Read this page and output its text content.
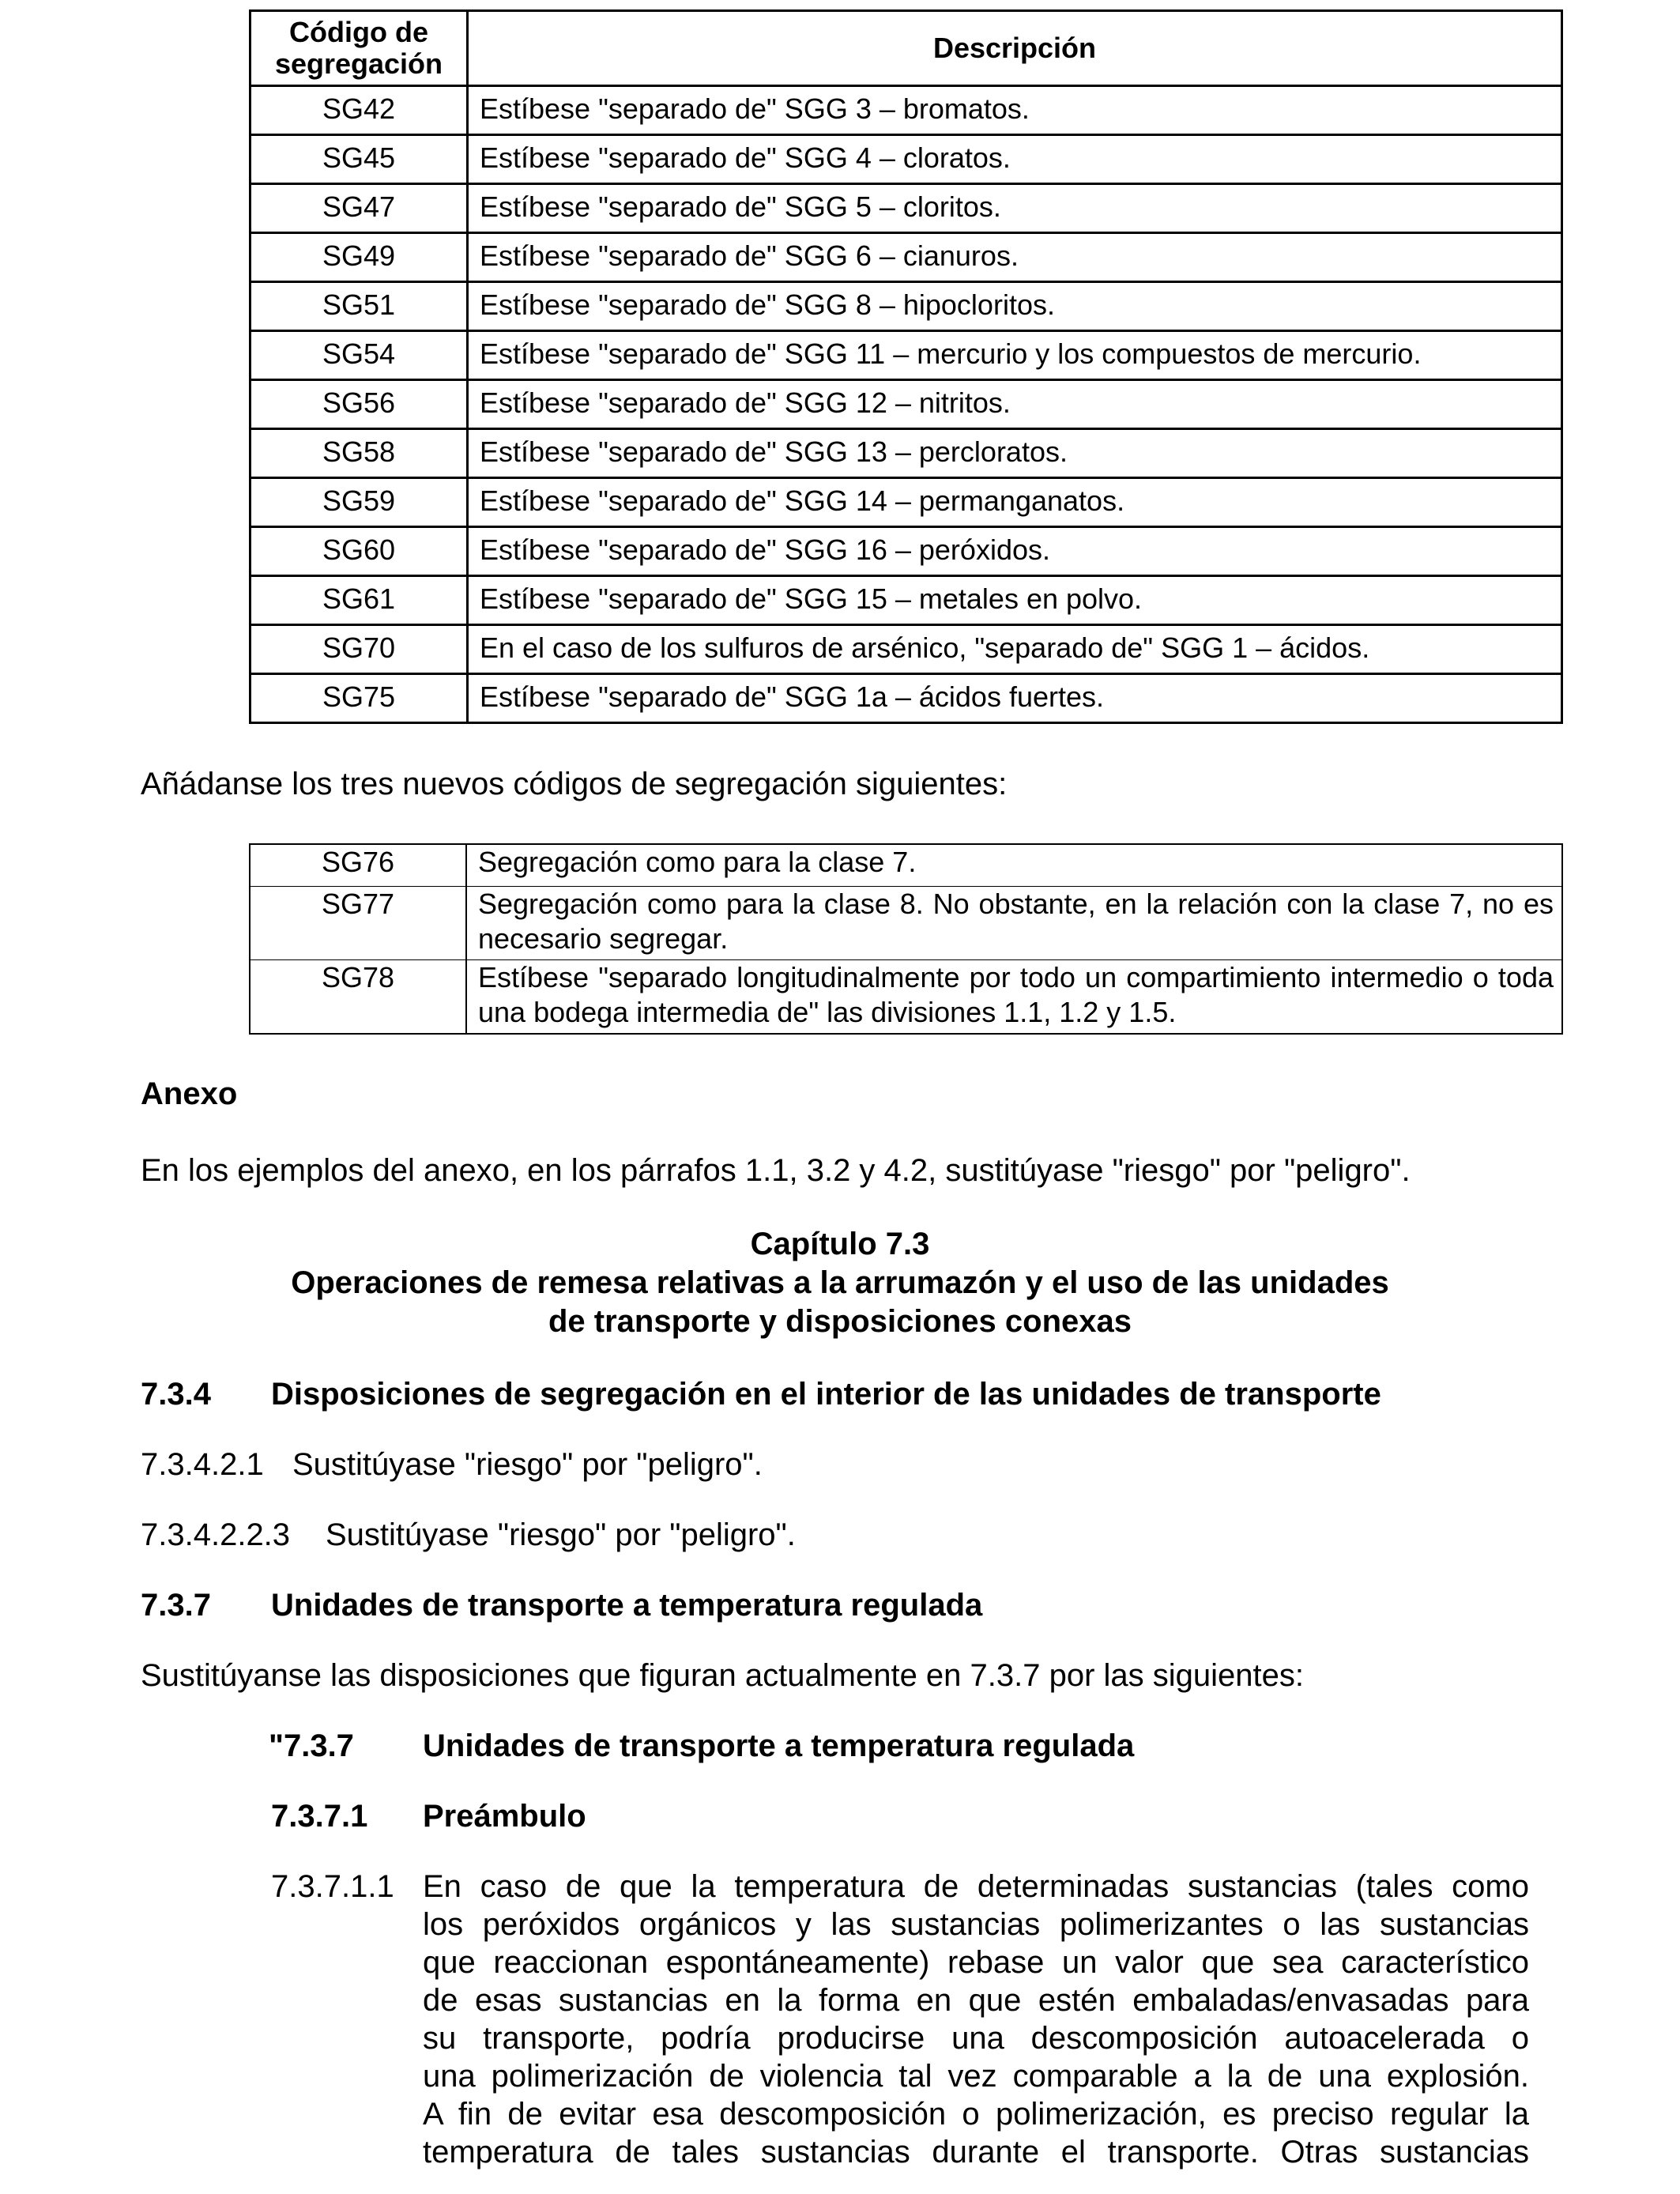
Código de segregación	Descripción
SG42	Estíbese "separado de" SGG 3 – bromatos.
SG45	Estíbese "separado de" SGG 4 – cloratos.
SG47	Estíbese "separado de" SGG 5 – cloritos.
SG49	Estíbese "separado de" SGG 6 – cianuros.
SG51	Estíbese "separado de" SGG 8 – hipocloritos.
SG54	Estíbese "separado de" SGG 11 – mercurio y los compuestos de mercurio.
SG56	Estíbese "separado de" SGG 12 – nitritos.
SG58	Estíbese "separado de" SGG 13 – percloratos.
SG59	Estíbese "separado de" SGG 14 – permanganatos.
SG60	Estíbese "separado de" SGG 16 – peróxidos.
SG61	Estíbese "separado de" SGG 15 – metales en polvo.
SG70	En el caso de los sulfuros de arsénico, "separado de" SGG 1 – ácidos.
SG75	Estíbese "separado de" SGG 1a – ácidos fuertes.
Añádanse los tres nuevos códigos de segregación siguientes:
SG76	Segregación como para la clase 7.
SG77	Segregación como para la clase 8. No obstante, en la relación con la clase 7, no es necesario segregar.
SG78	Estíbese "separado longitudinalmente por todo un compartimiento intermedio o toda una bodega intermedia de" las divisiones 1.1, 1.2 y 1.5.
Anexo
En los ejemplos del anexo, en los párrafos 1.1, 3.2 y 4.2, sustitúyase "riesgo" por "peligro".
Capítulo 7.3
Operaciones de remesa relativas a la arrumazón y el uso de las unidades
de transporte y disposiciones conexas
7.3.4 Disposiciones de segregación en el interior de las unidades de transporte
7.3.4.2.1 Sustitúyase "riesgo" por "peligro".
7.3.4.2.2.3 Sustitúyase "riesgo" por "peligro".
7.3.7 Unidades de transporte a temperatura regulada
Sustitúyanse las disposiciones que figuran actualmente en 7.3.7 por las siguientes:
"7.3.7 Unidades de transporte a temperatura regulada
7.3.7.1 Preámbulo
7.3.7.1.1 En caso de que la temperatura de determinadas sustancias (tales como
los peróxidos orgánicos y las sustancias polimerizantes o las sustancias
que reaccionan espontáneamente) rebase un valor que sea característico
de esas sustancias en la forma en que estén embaladas/envasadas para
su transporte, podría producirse una descomposición autoacelerada o
una polimerización de violencia tal vez comparable a la de una explosión.
A fin de evitar esa descomposición o polimerización, es preciso regular la
temperatura de tales sustancias durante el transporte. Otras sustancias
